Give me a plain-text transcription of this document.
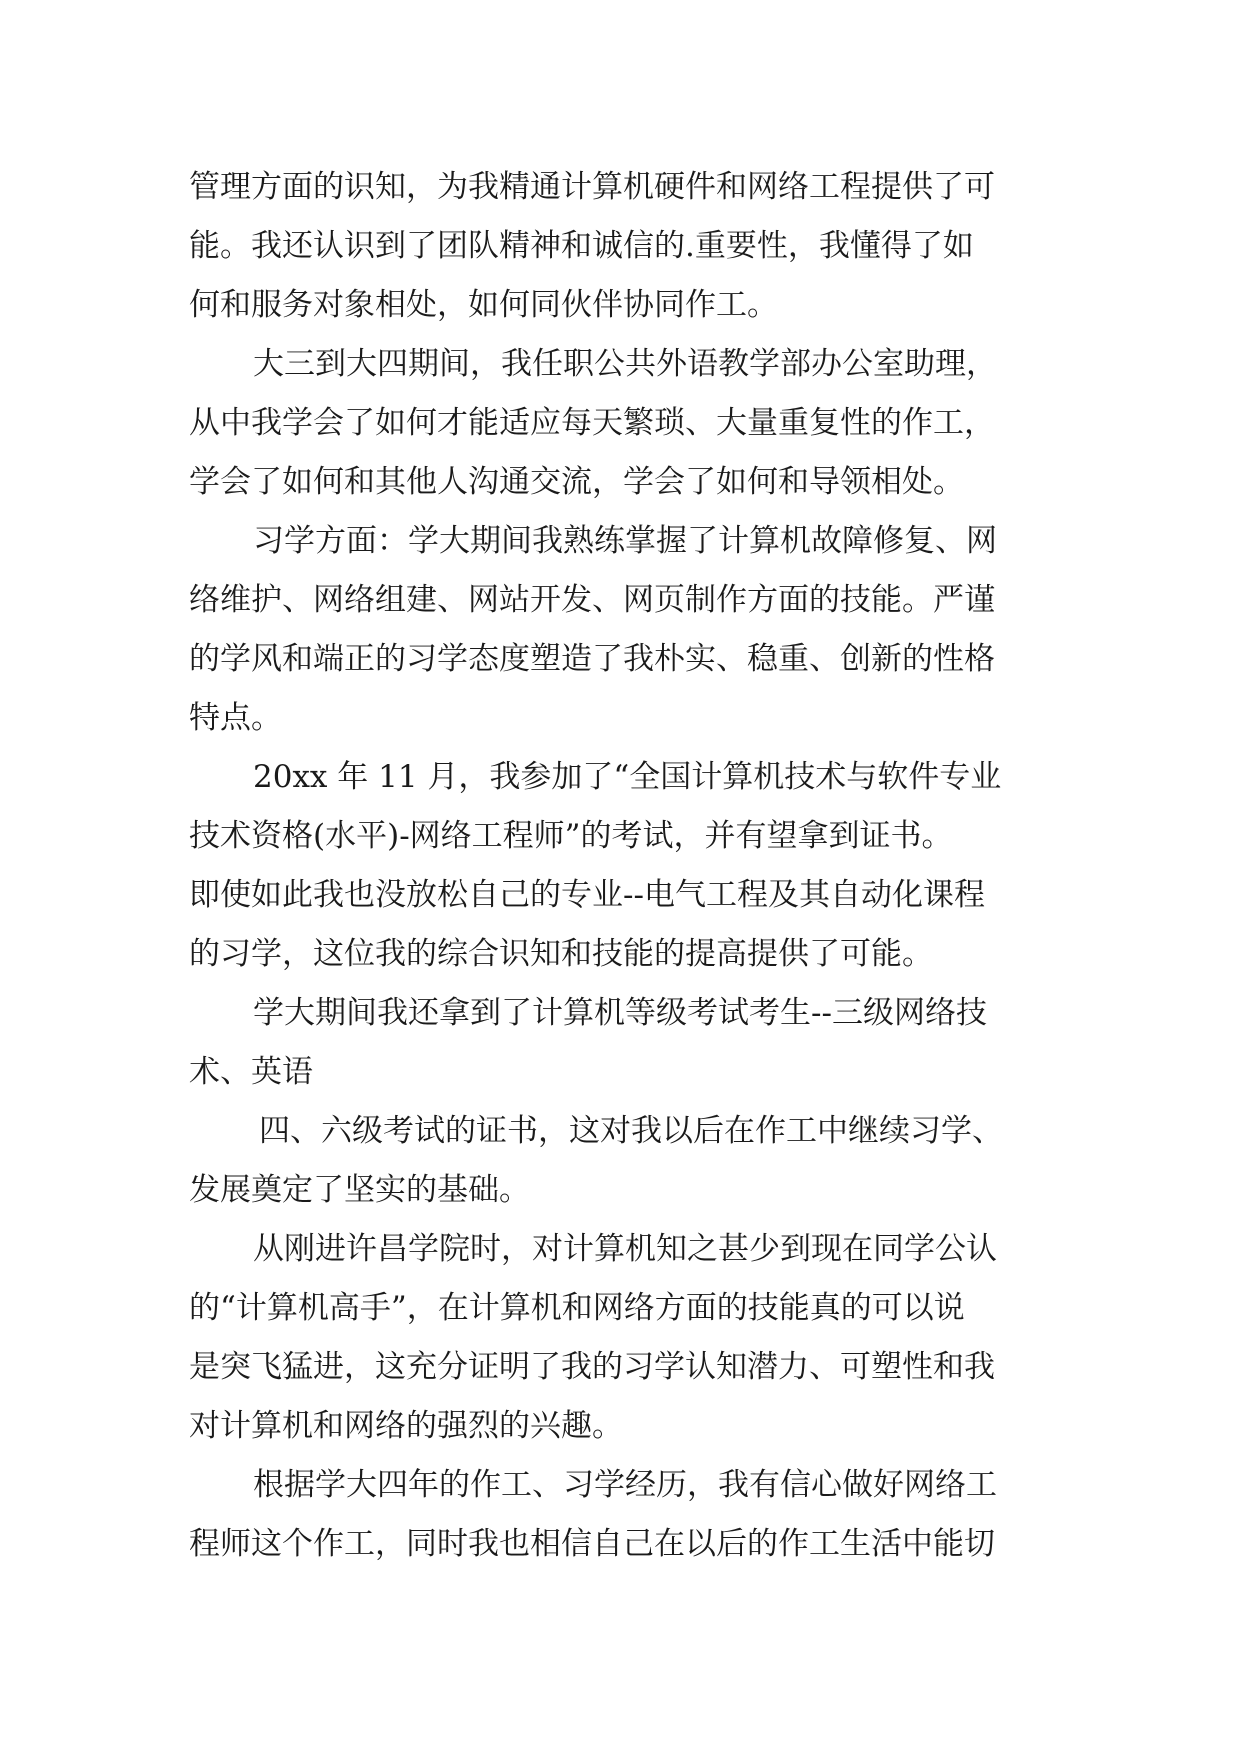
管理方面的识知，为我精通计算机硬件和网络工程提供了可
能。我还认识到了团队精神和诚信的.重要性，我懂得了如
何和服务对象相处，如何同伙伴协同作工。
大三到大四期间，我任职公共外语教学部办公室助理，
从中我学会了如何才能适应每天繁琐、大量重复性的作工，
学会了如何和其他人沟通交流，学会了如何和导领相处。
习学方面：学大期间我熟练掌握了计算机故障修复、网
络维护、网络组建、网站开发、网页制作方面的技能。严谨
的学风和端正的习学态度塑造了我朴实、稳重、创新的性格
特点。
20xx 年 11 月，我参加了“全国计算机技术与软件专业
技术资格(水平)-网络工程师”的考试，并有望拿到证书。
即使如此我也没放松自己的专业--电气工程及其自动化课程
的习学，这位我的综合识知和技能的提高提供了可能。
学大期间我还拿到了计算机等级考试考生--三级网络技
术、英语
四、六级考试的证书，这对我以后在作工中继续习学、
发展奠定了坚实的基础。
从刚进许昌学院时，对计算机知之甚少到现在同学公认
的“计算机高手”，在计算机和网络方面的技能真的可以说
是突飞猛进，这充分证明了我的习学认知潜力、可塑性和我
对计算机和网络的强烈的兴趣。
根据学大四年的作工、习学经历，我有信心做好网络工
程师这个作工，同时我也相信自己在以后的作工生活中能切
